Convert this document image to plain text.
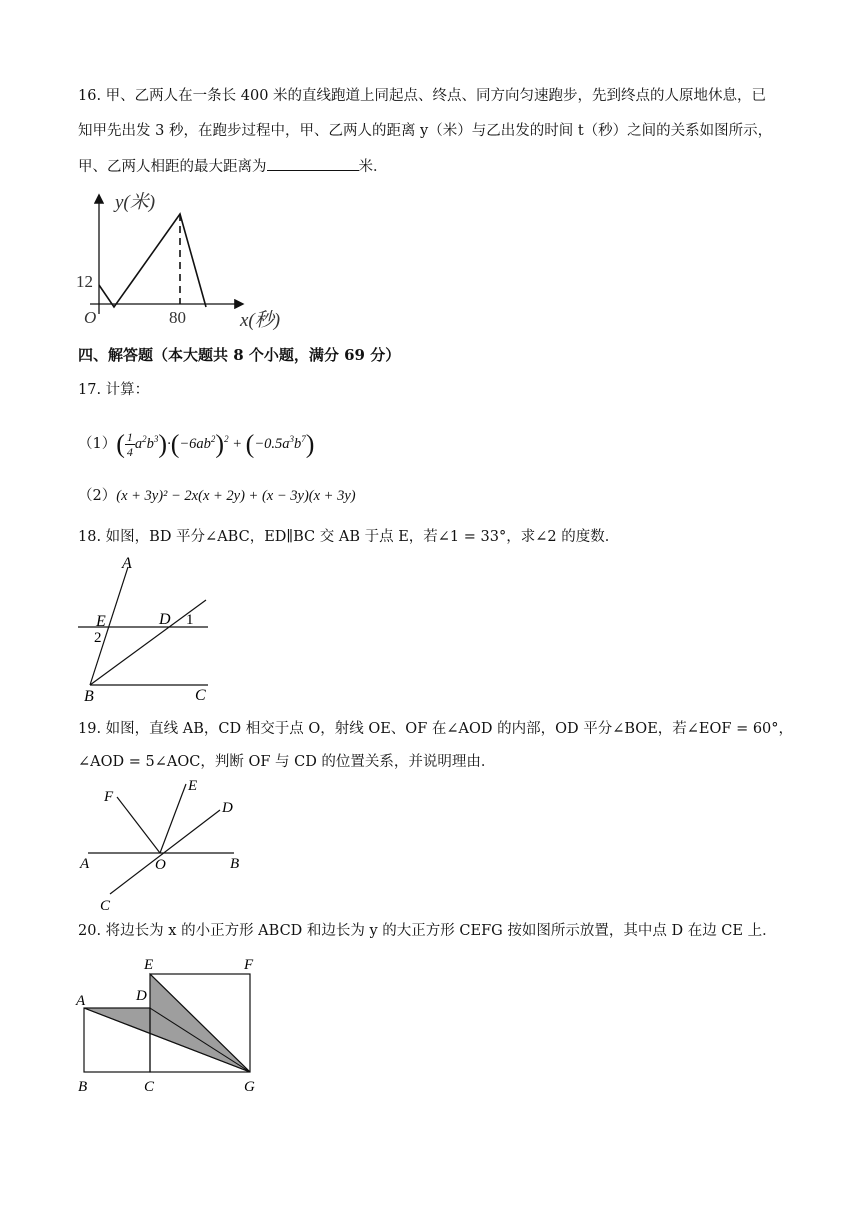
16. 甲、乙两人在一条长 400 米的直线跑道上同起点、终点、同方向匀速跑步，先到终点的人原地休息，已
知甲先出发 3 秒，在跑步过程中，甲、乙两人的距离 y（米）与乙出发的时间 t（秒）之间的关系如图所示，
甲、乙两人相距的最大距离为	米．
y(米)
x(秒)
O
12
80
四、解答题（本大题共 8 个小题，满分 69 分）
17. 计算：
$(1)( \frac{1}{4} a^2b^3)\cdot(-6ab^2)^2 + (-0.5a^3b^7)$
（2）(x + 3y)² − 2x(x + 2y) + (x − 3y)(x + 3y)
18. 如图，BD 平分∠ABC，ED∥BC 交 AB 于点 E，若∠1 = 33°，求∠2 的度数．
A
E
2
D 1
B	C
19. 如图，直线 AB，CD 相交于点 O，射线 OE、OF 在∠AOD 的内部，OD 平分∠BOE，若∠EOF = 60°，
∠AOD = 5∠AOC，判断 OF 与 CD 的位置关系，并说明理由．
F
E
D
A	O	B
C
20. 将边长为 x 的小正方形 ABCD 和边长为 y 的大正方形 CEFG 按如图所示放置，其中点 D 在边 CE 上．
A
B	C
D
E	F
G
